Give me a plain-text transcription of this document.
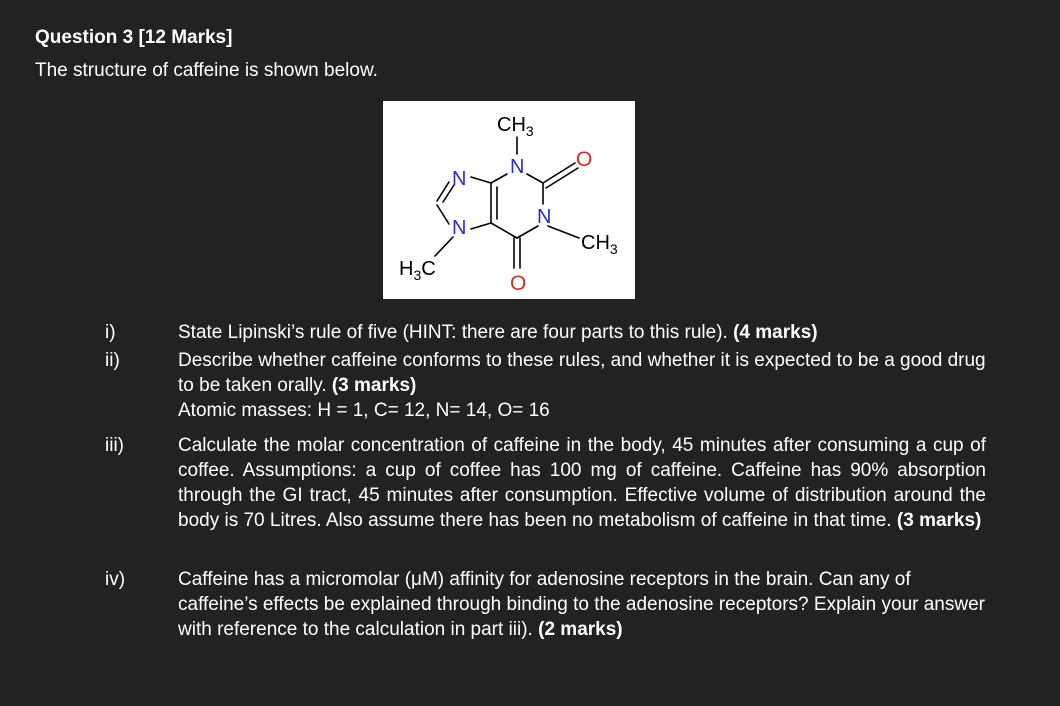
Question 3 [12 Marks]
The structure of caffeine is shown below.
$CH_3$
$CH_3$
$H_3C$
N
N
N
N
O
O
i)	State Lipinski’s rule of five (HINT: there are four parts to this rule). (4 marks)
ii)	Describe whether caffeine conforms to these rules, and whether it is expected to be a good drug to be taken orally. (3 marks)
Atomic masses: H = 1, C= 12, N= 14, O= 16
iii)	Calculate the molar concentration of caffeine in the body, 45 minutes after consuming a cup of coffee. Assumptions: a cup of coffee has 100 mg of caffeine. Caffeine has 90% absorption through the GI tract, 45 minutes after consumption. Effective volume of distribution around the body is 70 Litres. Also assume there has been no metabolism of caffeine in that time. (3 marks)
iv)	Caffeine has a micromolar (μM) affinity for adenosine receptors in the brain. Can any of caffeine’s effects be explained through binding to the adenosine receptors? Explain your answer with reference to the calculation in part iii). (2 marks)
